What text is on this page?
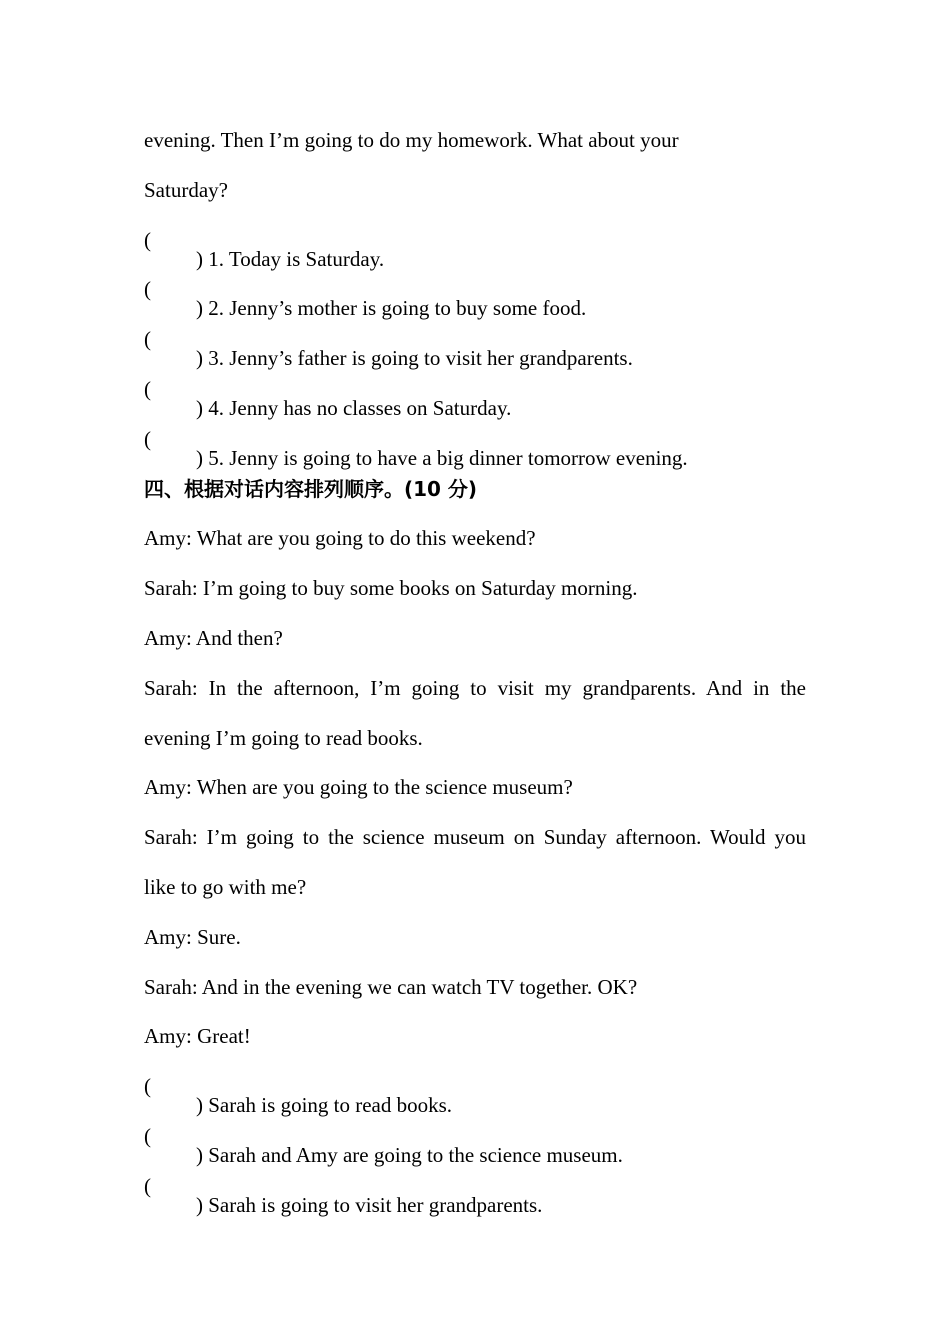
evening. Then I’m going to do my homework. What about your
Saturday?
(
) 1. Today is Saturday.
(
) 2. Jenny’s mother is going to buy some food.
(
) 3. Jenny’s father is going to visit her grandparents.
(
) 4. Jenny has no classes on Saturday.
(
) 5. Jenny is going to have a big dinner tomorrow evening.
四、根据对话内容排列顺序。(10 分)
Amy: What are you going to do this weekend?
Sarah: I’m going to buy some books on Saturday morning.
Amy: And then?
Sarah: In the afternoon, I’m going to visit my grandparents. And in the
evening I’m going to read books.
Amy: When are you going to the science museum?
Sarah: I’m going to the science museum on Sunday afternoon. Would you
like to go with me?
Amy: Sure.
Sarah: And in the evening we can watch TV together. OK?
Amy: Great!
(
) Sarah is going to read books.
(
) Sarah and Amy are going to the science museum.
(
) Sarah is going to visit her grandparents.
